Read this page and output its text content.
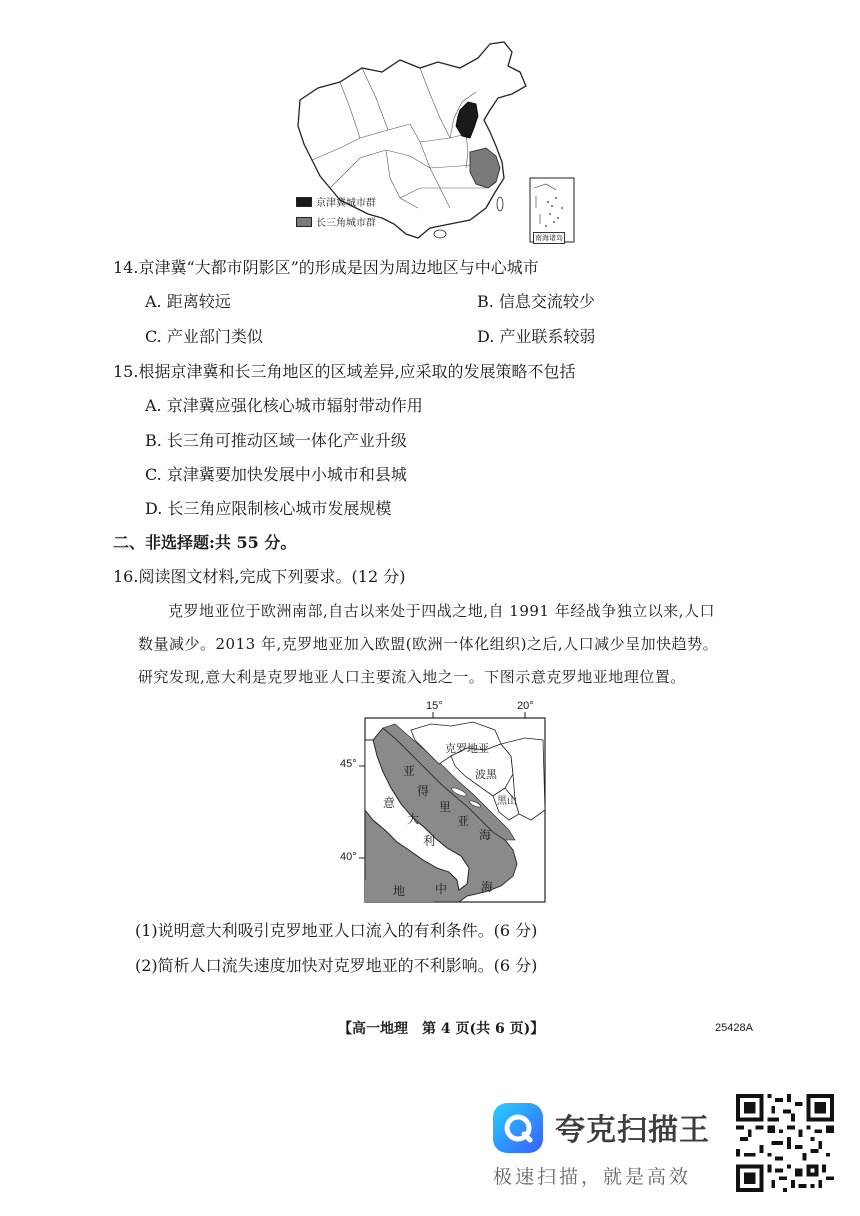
京津冀城市群
长三角城市群
南海诸岛
14.京津冀“大都市阴影区”的形成是因为周边地区与中心城市
A. 距离较远	B. 信息交流较少
C. 产业部门类似	D. 产业联系较弱
15.根据京津冀和长三角地区的区域差异,应采取的发展策略不包括
A. 京津冀应强化核心城市辐射带动作用
B. 长三角可推动区域一体化产业升级
C. 京津冀要加快发展中小城市和县城
D. 长三角应限制核心城市发展规模
二、非选择题:共 55 分。
16.阅读图文材料,完成下列要求。(12 分)
克罗地亚位于欧洲南部,自古以来处于四战之地,自 1991 年经战争独立以来,人口
数量减少。2013 年,克罗地亚加入欧盟(欧洲一体化组织)之后,人口减少呈加快趋势。
研究发现,意大利是克罗地亚人口主要流入地之一。下图示意克罗地亚地理位置。
15°	20°
45°
40°
克罗地亚
波黑
黑山
意
大
利
亚
得
里
亚
海
地 中	海
(1)说明意大利吸引克罗地亚人口流入的有利条件。(6 分)
(2)简析人口流失速度加快对克罗地亚的不利影响。(6 分)
【高一地理　第 4 页(共 6 页)】	25428A
夸克扫描王
极速扫描，就是高效
